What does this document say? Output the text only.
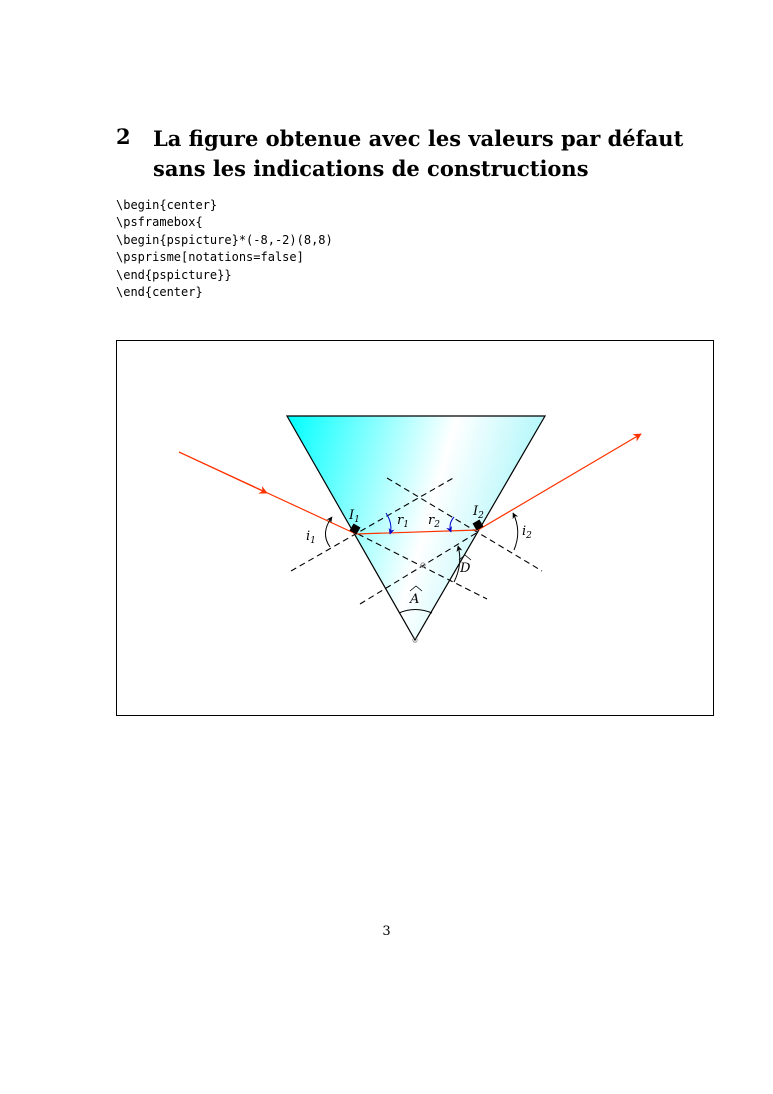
2 La figure obtenue avec les valeurs par défaut sans les indications de constructions
\begin{center}
\psframebox{
\begin{pspicture}*(-8,-2)(8,8)
\psprisme[notations=false]
\end{pspicture}}
\end{center}
$I_1$
$I_2$
$r_1$ $r_2$
$i_1$
$i_2$
D
A
3
